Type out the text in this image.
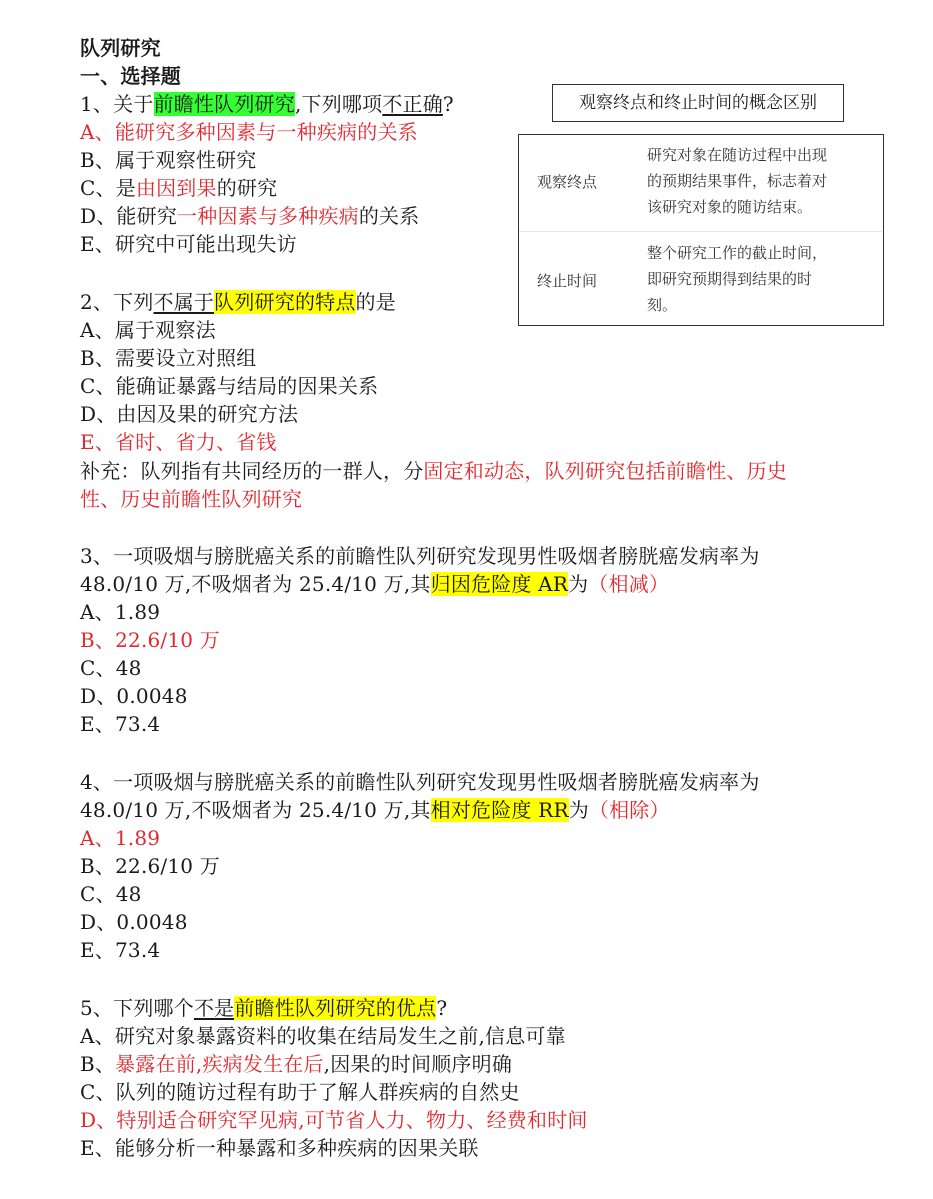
队列研究
一、选择题
观察终点和终止时间的概念区别
观察终点
研究对象在随访过程中出现
的预期结果事件，标志着对
该研究对象的随访结束。
终止时间
整个研究工作的截止时间，
即研究预期得到结果的时
刻。
1、关于前瞻性队列研究,下列哪项不正确?
A、能研究多种因素与一种疾病的关系
B、属于观察性研究
C、是由因到果的研究
D、能研究一种因素与多种疾病的关系
E、研究中可能出现失访
2、下列不属于队列研究的特点的是
A、属于观察法
B、需要设立对照组
C、能确证暴露与结局的因果关系
D、由因及果的研究方法
E、省时、省力、省钱
补充：队列指有共同经历的一群人，分固定和动态，队列研究包括前瞻性、历史
性、历史前瞻性队列研究
3、一项吸烟与膀胱癌关系的前瞻性队列研究发现男性吸烟者膀胱癌发病率为
48.0/10 万,不吸烟者为 25.4/10 万,其归因危险度 AR为（相减）
A、1.89
B、22.6/10 万
C、48
D、0.0048
E、73.4
4、一项吸烟与膀胱癌关系的前瞻性队列研究发现男性吸烟者膀胱癌发病率为
48.0/10 万,不吸烟者为 25.4/10 万,其相对危险度 RR为（相除）
A、1.89
B、22.6/10 万
C、48
D、0.0048
E、73.4
5、下列哪个不是前瞻性队列研究的优点?
A、研究对象暴露资料的收集在结局发生之前,信息可靠
B、暴露在前,疾病发生在后,因果的时间顺序明确
C、队列的随访过程有助于了解人群疾病的自然史
D、特别适合研究罕见病,可节省人力、物力、经费和时间
E、能够分析一种暴露和多种疾病的因果关联
